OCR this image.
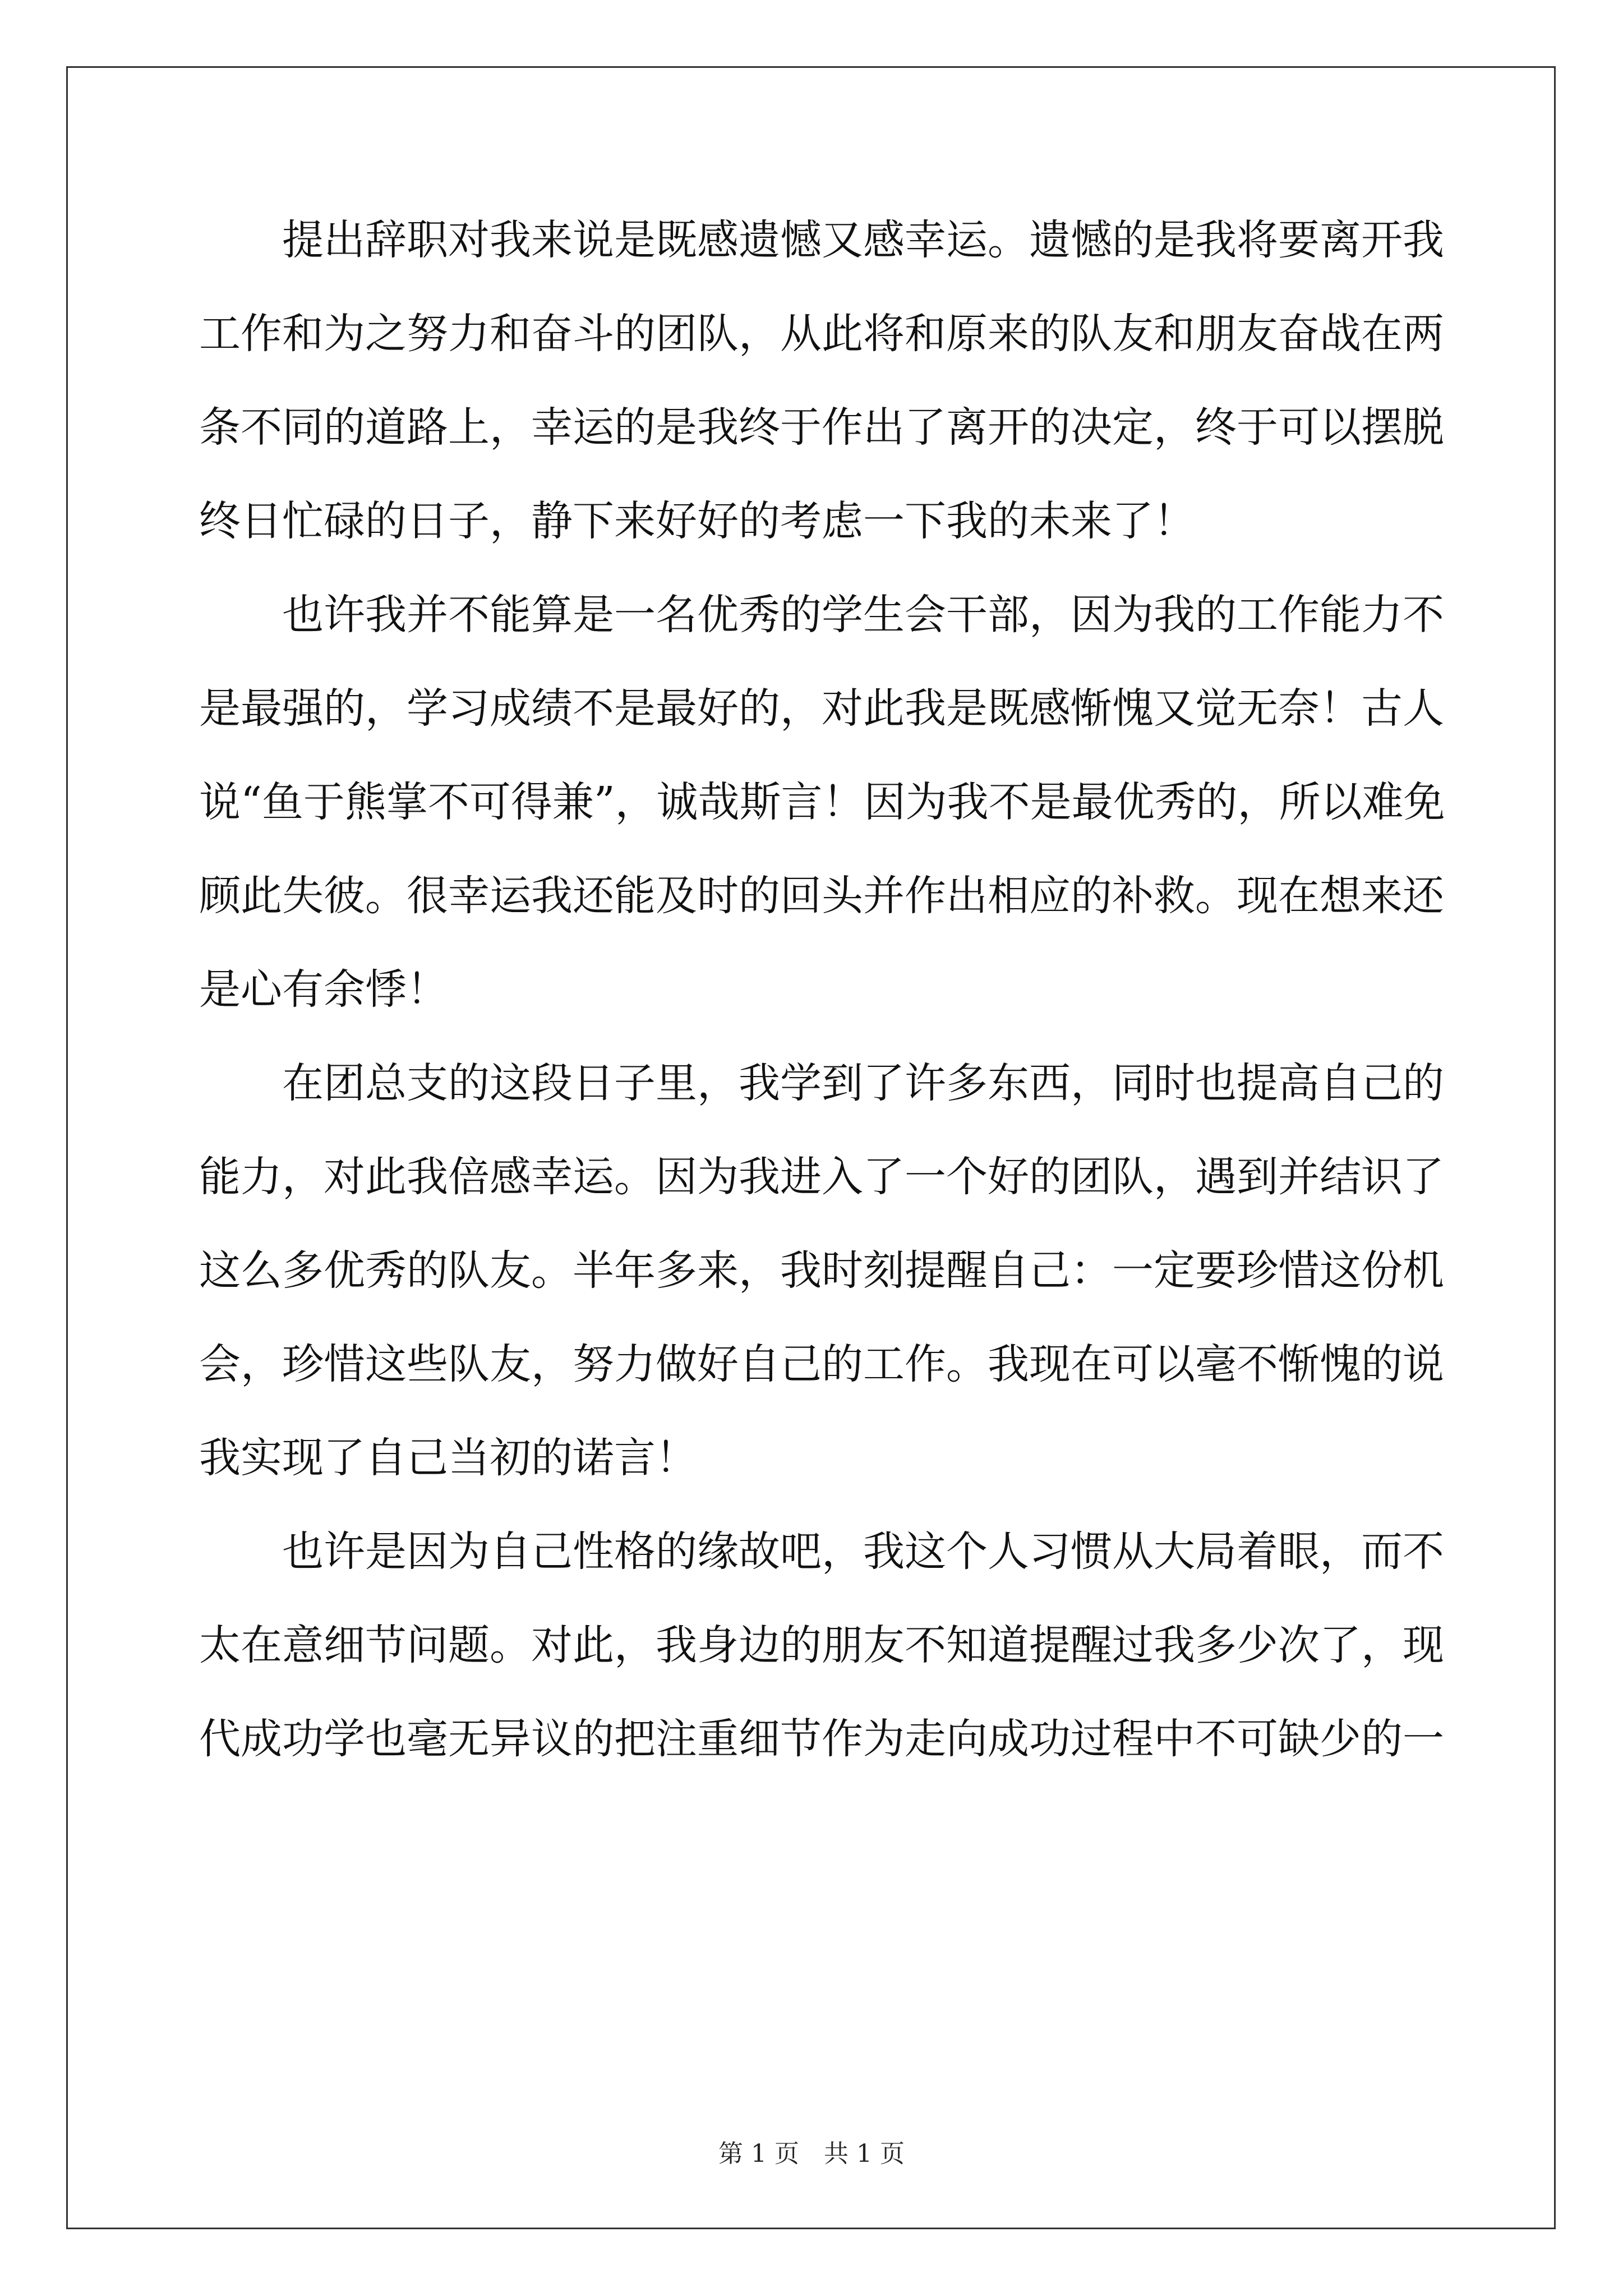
提出辞职对我来说是既感遗憾又感幸运。遗憾的是我将要离开我
工作和为之努力和奋斗的团队，从此将和原来的队友和朋友奋战在两
条不同的道路上，幸运的是我终于作出了离开的决定，终于可以摆脱
终日忙碌的日子，静下来好好的考虑一下我的未来了！

也许我并不能算是一名优秀的学生会干部，因为我的工作能力不
是最强的，学习成绩不是最好的，对此我是既感惭愧又觉无奈！古人
说“鱼于熊掌不可得兼”，诚哉斯言！因为我不是最优秀的，所以难免
顾此失彼。很幸运我还能及时的回头并作出相应的补救。现在想来还
是心有余悸！

在团总支的这段日子里，我学到了许多东西，同时也提高自己的
能力，对此我倍感幸运。因为我进入了一个好的团队，遇到并结识了
这么多优秀的队友。半年多来，我时刻提醒自己：一定要珍惜这份机
会，珍惜这些队友，努力做好自己的工作。我现在可以毫不惭愧的说
我实现了自己当初的诺言！

也许是因为自己性格的缘故吧，我这个人习惯从大局着眼，而不
太在意细节问题。对此，我身边的朋友不知道提醒过我多少次了，现
代成功学也毫无异议的把注重细节作为走向成功过程中不可缺少的一

第 1 页　共 1 页
